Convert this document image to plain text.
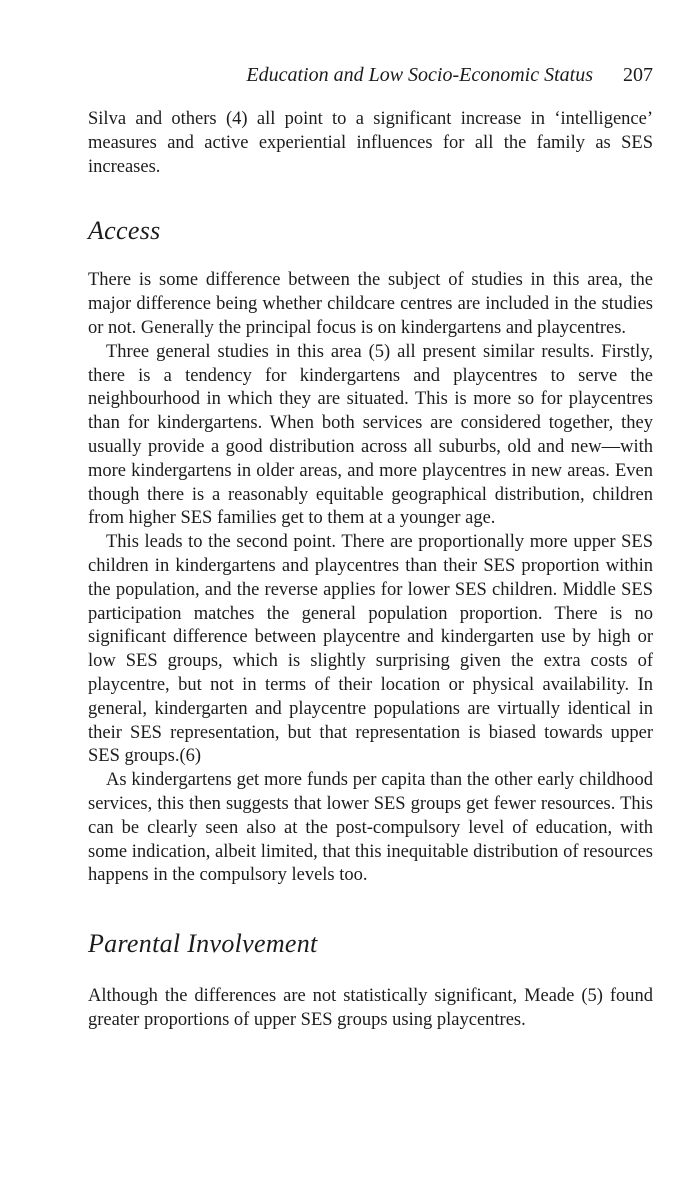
Education and Low Socio-Economic Status 207

Silva and others (4) all point to a significant increase in ‘intelligence’ measures and active experiential influences for all the family as SES increases.

Access

There is some difference between the subject of studies in this area, the major difference being whether childcare centres are included in the studies or not. Generally the principal focus is on kindergartens and playcentres.

Three general studies in this area (5) all present similar results. Firstly, there is a tendency for kindergartens and playcentres to serve the neighbourhood in which they are situated. This is more so for playcentres than for kindergartens. When both services are considered together, they usually provide a good distribution across all suburbs, old and new—with more kindergartens in older areas, and more playcentres in new areas. Even though there is a reasonably equitable geographical distribution, children from higher SES families get to them at a younger age.

This leads to the second point. There are proportionally more upper SES children in kindergartens and playcentres than their SES proportion within the population, and the reverse applies for lower SES children. Middle SES participation matches the general population proportion. There is no significant difference between playcentre and kindergarten use by high or low SES groups, which is slightly surprising given the extra costs of playcentre, but not in terms of their location or physical availability. In general, kindergarten and playcentre populations are virtually identical in their SES representation, but that representation is biased towards upper SES groups.(6)

As kindergartens get more funds per capita than the other early childhood services, this then suggests that lower SES groups get fewer resources. This can be clearly seen also at the post-compulsory level of education, with some indication, albeit limited, that this inequitable distribution of resources happens in the compulsory levels too.

Parental Involvement

Although the differences are not statistically significant, Meade (5) found greater proportions of upper SES groups using playcentres.
